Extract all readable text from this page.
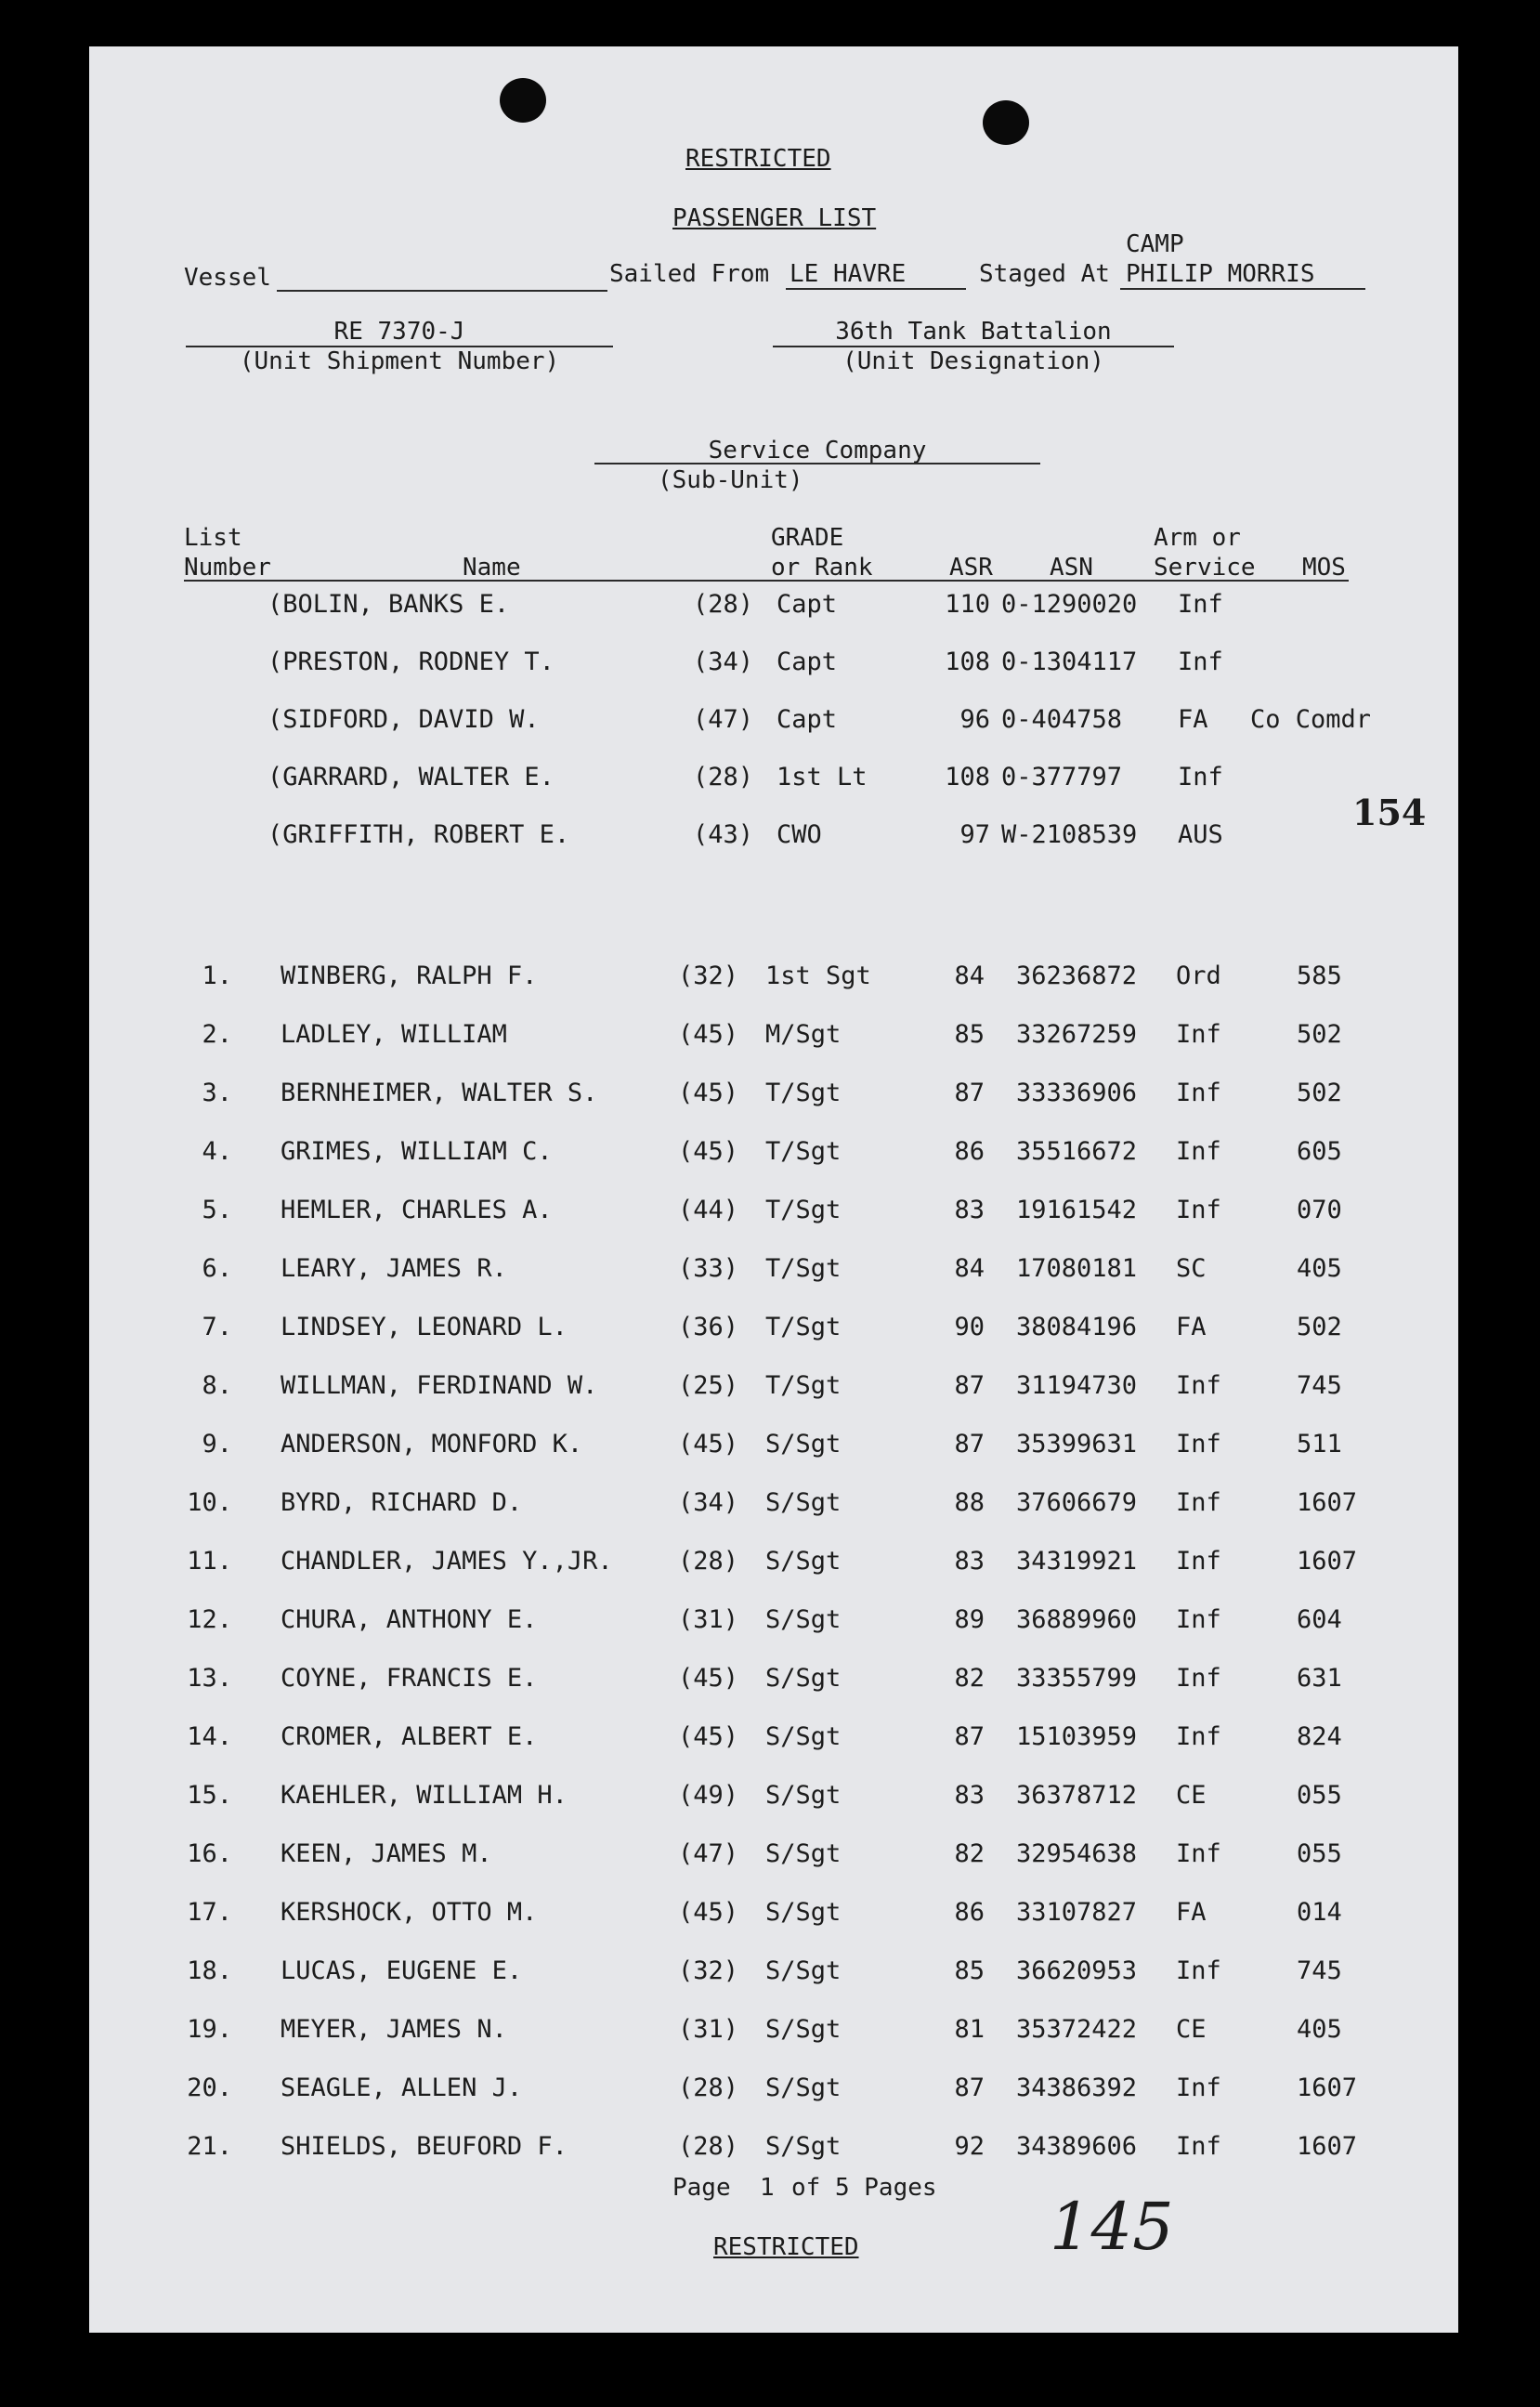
RESTRICTED
PASSENGER LIST
Vessel	Sailed From LE HAVRE
CAMP
Staged At PHILIP MORRIS
RE 7370-J
(Unit Shipment Number)
36th Tank Battalion
(Unit Designation)
Service Company
(Sub-Unit)
List
Number	Name
GRADE
or Rank	ASR ASN
Arm or
Service MOS
(BOLIN, BANKS E.	(28) Capt	110 0-1290020 Inf
(PRESTON, RODNEY T.	(34) Capt	108 0-1304117 Inf
(SIDFORD, DAVID W.	(47) Capt	96 0-404758 FA Co Comdr
(GARRARD, WALTER E.	(28) 1st Lt	108 0-377797 Inf
(GRIFFITH, ROBERT E.	(43) CWO	97 W-2108539 AUS
154
1. WINBERG, RALPH F.	(32) 1st Sgt	84 36236872 Ord	585
2. LADLEY, WILLIAM	(45) M/Sgt	85 33267259 Inf	502
3. BERNHEIMER, WALTER S.	(45) T/Sgt	87 33336906 Inf	502
4. GRIMES, WILLIAM C.	(45) T/Sgt	86 35516672 Inf	605
5. HEMLER, CHARLES A.	(44) T/Sgt	83 19161542 Inf	070
6. LEARY, JAMES R.	(33) T/Sgt	84 17080181 SC	405
7. LINDSEY, LEONARD L.	(36) T/Sgt	90 38084196 FA	502
8. WILLMAN, FERDINAND W.	(25) T/Sgt	87 31194730 Inf	745
9. ANDERSON, MONFORD K.	(45) S/Sgt	87 35399631 Inf	511
10. BYRD, RICHARD D.	(34) S/Sgt	88 37606679 Inf	1607
11. CHANDLER, JAMES Y.,JR.	(28) S/Sgt	83 34319921 Inf	1607
12. CHURA, ANTHONY E.	(31) S/Sgt	89 36889960 Inf	604
13. COYNE, FRANCIS E.	(45) S/Sgt	82 33355799 Inf	631
14. CROMER, ALBERT E.	(45) S/Sgt	87 15103959 Inf	824
15. KAEHLER, WILLIAM H.	(49) S/Sgt	83 36378712 CE	055
16. KEEN, JAMES M.	(47) S/Sgt	82 32954638 Inf	055
17. KERSHOCK, OTTO M.	(45) S/Sgt	86 33107827 FA	014
18. LUCAS, EUGENE E.	(32) S/Sgt	85 36620953 Inf	745
19. MEYER, JAMES N.	(31) S/Sgt	81 35372422 CE	405
20. SEAGLE, ALLEN J.	(28) S/Sgt	87 34386392 Inf	1607
21. SHIELDS, BEUFORD F.	(28) S/Sgt	92 34389606 Inf	1607
Page 1 of 5 Pages
RESTRICTED	145
